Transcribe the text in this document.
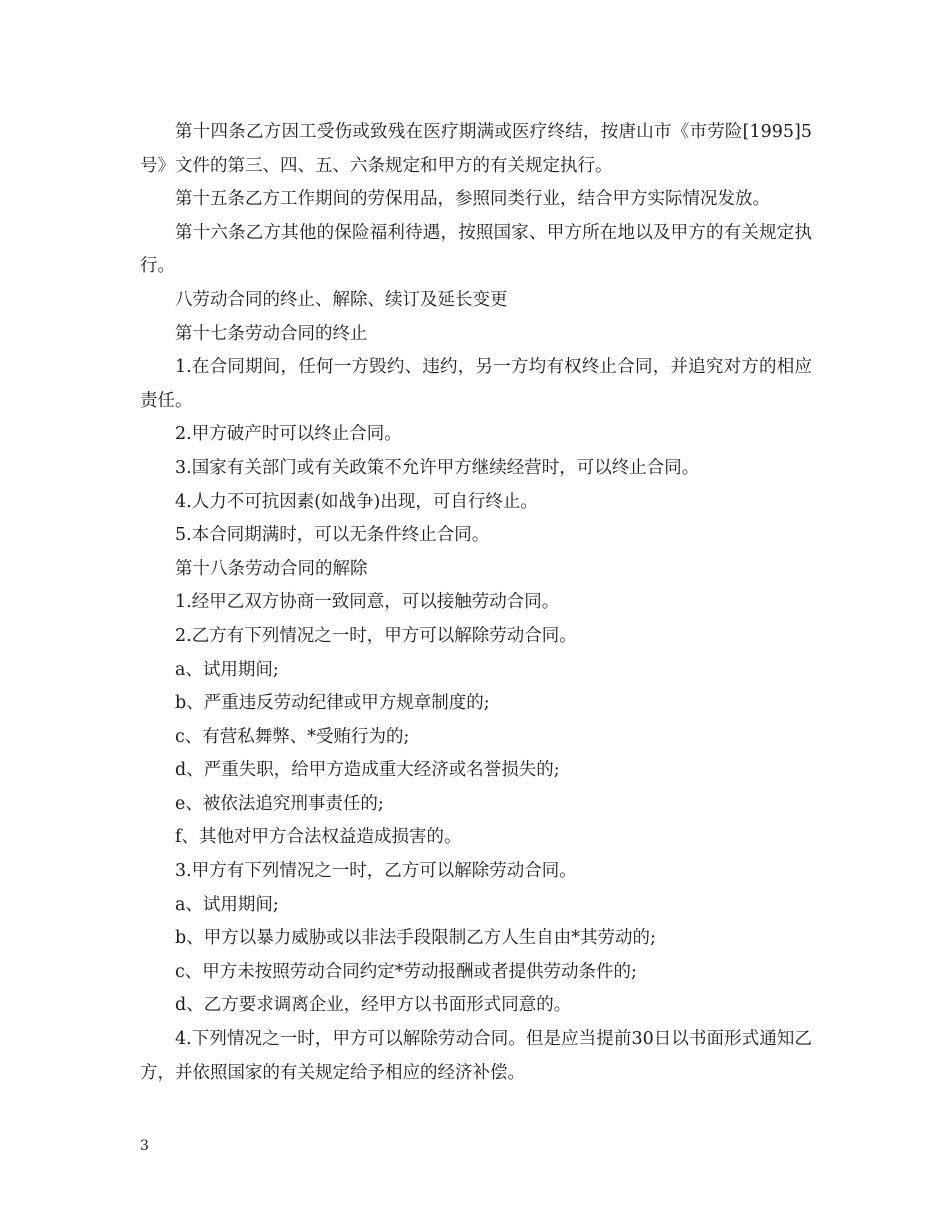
第十四条乙方因工受伤或致残在医疗期满或医疗终结，按唐山市《市劳险[1995]5号》文件的第三、四、五、六条规定和甲方的有关规定执行。

第十五条乙方工作期间的劳保用品，参照同类行业，结合甲方实际情况发放。

第十六条乙方其他的保险福利待遇，按照国家、甲方所在地以及甲方的有关规定执行。

八劳动合同的终止、解除、续订及延长变更

第十七条劳动合同的终止

1.在合同期间，任何一方毁约、违约，另一方均有权终止合同，并追究对方的相应责任。

2.甲方破产时可以终止合同。

3.国家有关部门或有关政策不允许甲方继续经营时，可以终止合同。

4.人力不可抗因素(如战争)出现，可自行终止。

5.本合同期满时，可以无条件终止合同。

第十八条劳动合同的解除

1.经甲乙双方协商一致同意，可以接触劳动合同。

2.乙方有下列情况之一时，甲方可以解除劳动合同。

a、试用期间;

b、严重违反劳动纪律或甲方规章制度的;

c、有营私舞弊、*受贿行为的;

d、严重失职，给甲方造成重大经济或名誉损失的;

e、被依法追究刑事责任的;

f、其他对甲方合法权益造成损害的。

3.甲方有下列情况之一时，乙方可以解除劳动合同。

a、试用期间;

b、甲方以暴力威胁或以非法手段限制乙方人生自由*其劳动的;

c、甲方未按照劳动合同约定*劳动报酬或者提供劳动条件的;

d、乙方要求调离企业，经甲方以书面形式同意的。

4.下列情况之一时，甲方可以解除劳动合同。但是应当提前30日以书面形式通知乙方，并依照国家的有关规定给予相应的经济补偿。

3
